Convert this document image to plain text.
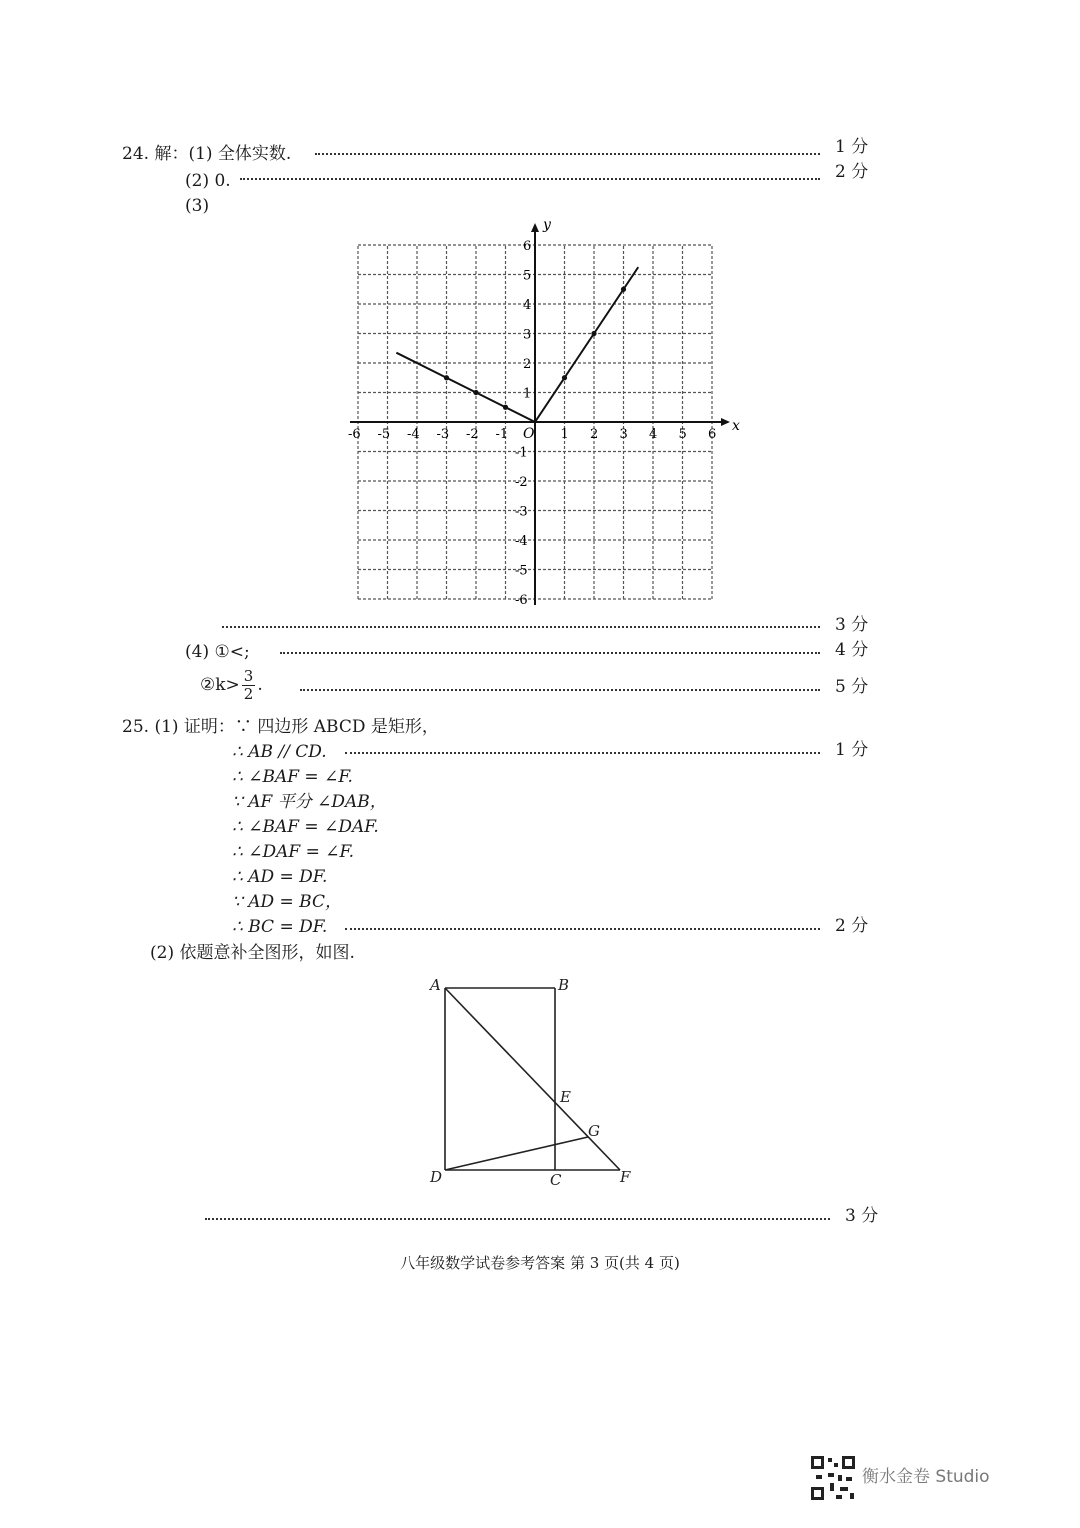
24. 解：(1) 全体实数.	1 分
(2) 0.	2 分
(3)
x
y
O
-6 -5 -4 -3 -2 -1	1 2 3 4 5 6
6
5
4
3
2
1
-1
-2
-3
-4
-5
-6
3 分
(4) ①<;	4 分
②k> $\frac{3}{2}$ .	5 分
25. (1) 证明：∵ 四边形 ABCD 是矩形，
∴ AB // CD.	1 分
∴ ∠BAF = ∠F.
∵ AF 平分 ∠DAB，
∴ ∠BAF = ∠DAF.
∴ ∠DAF = ∠F.
∴ AD = DF.
∵ AD = BC，
∴ BC = DF.	2 分
(2) 依题意补全图形，如图.
A	B
E
G
D	C	F
3 分
八年级数学试卷参考答案 第 3 页(共 4 页)
衡水金卷 Studio
